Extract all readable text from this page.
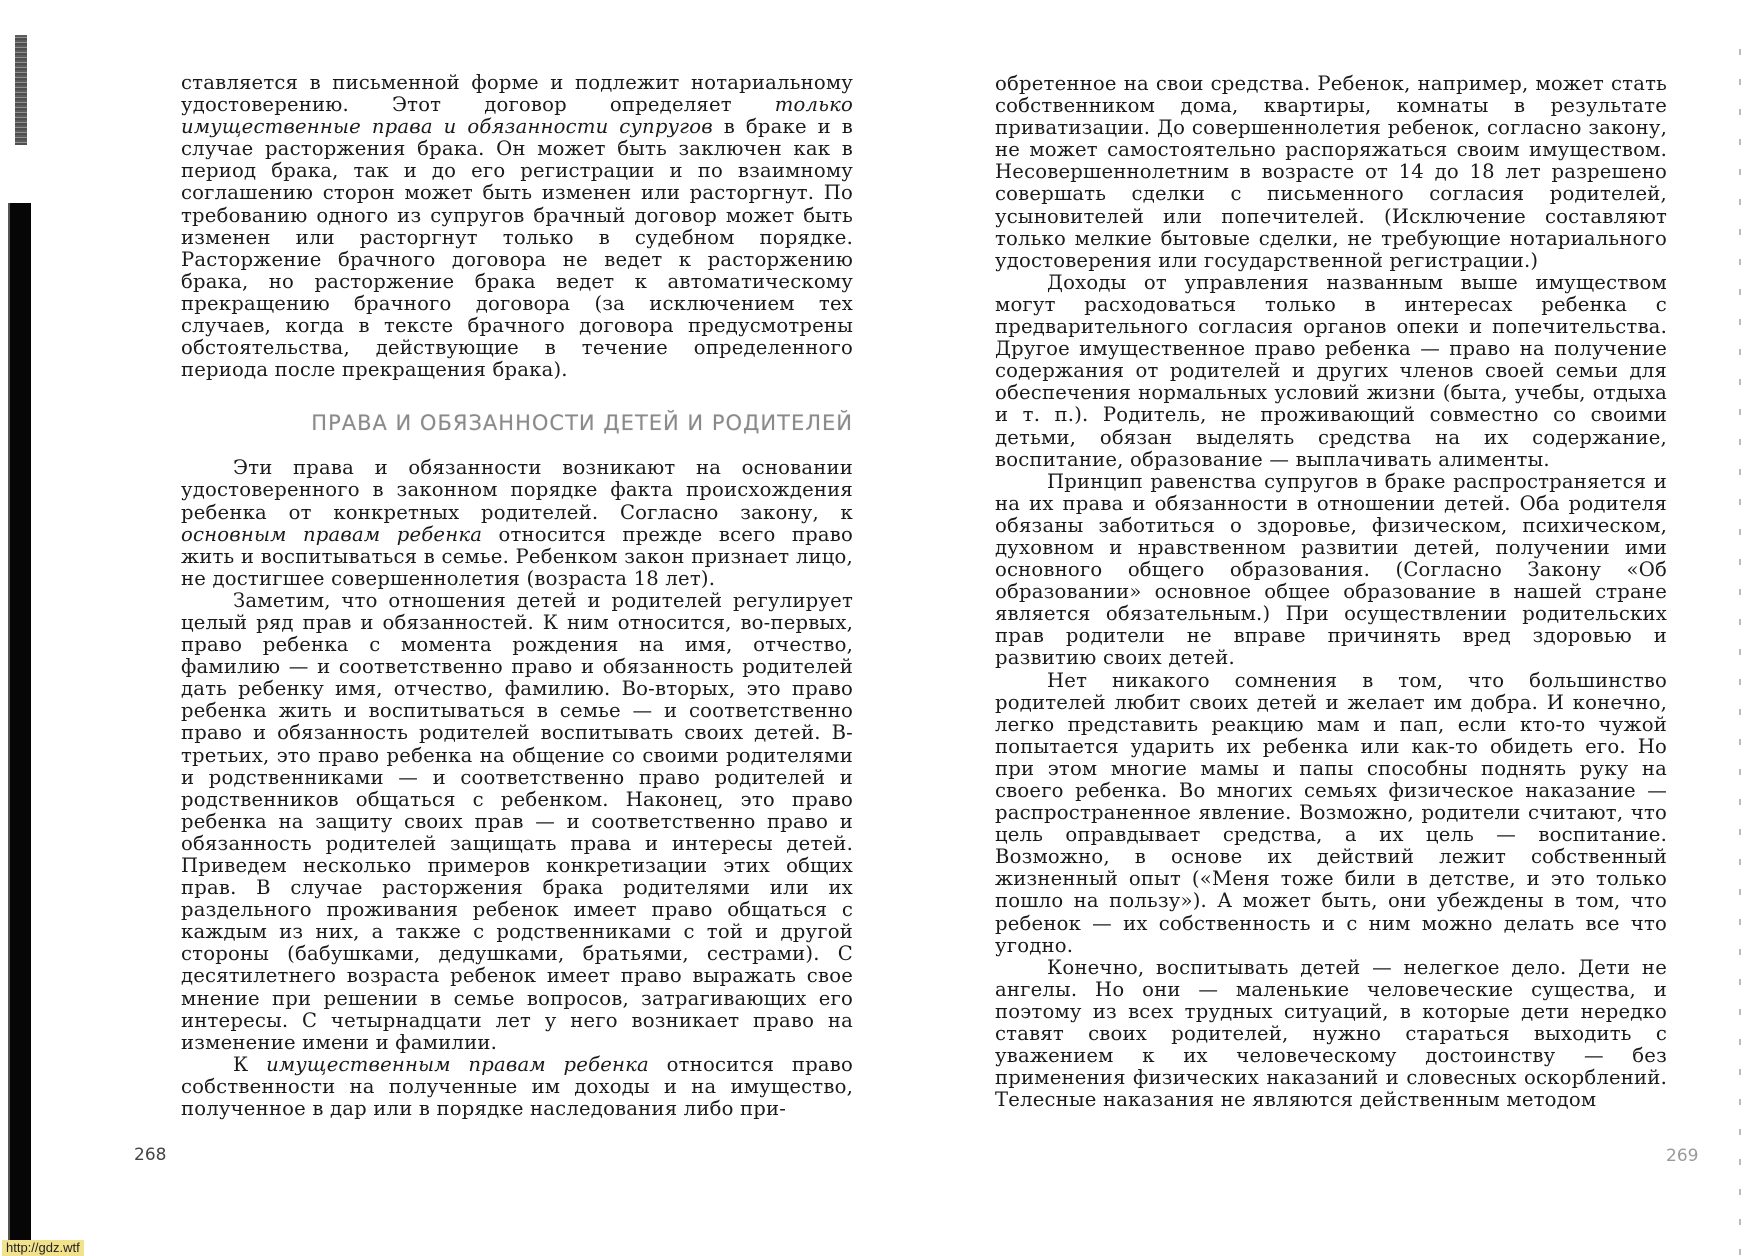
ставляется в письменной форме и подлежит нотариальному удостоверению. Этот договор определяет только имущественные права и обязанности супругов в браке и в случае расторжения брака. Он может быть заключен как в период брака, так и до его регистрации и по взаимному соглашению сторон может быть изменен или расторгнут. По требованию одного из супругов брачный договор может быть изменен или расторгнут только в судебном порядке. Расторжение брачного договора не ведет к расторжению брака, но расторжение брака ведет к автоматическому прекращению брачного договора (за исключением тех случаев, когда в тексте брачного договора предусмотрены обстоятельства, действующие в течение определенного периода после прекращения брака).

ПРАВА И ОБЯЗАННОСТИ ДЕТЕЙ И РОДИТЕЛЕЙ

Эти права и обязанности возникают на основании удостоверенного в законном порядке факта происхождения ребенка от конкретных родителей. Согласно закону, к основным правам ребенка относится прежде всего право жить и воспитываться в семье. Ребенком закон признает лицо, не достигшее совершеннолетия (возраста 18 лет).

Заметим, что отношения детей и родителей регулирует целый ряд прав и обязанностей. К ним относится, во-первых, право ребенка с момента рождения на имя, отчество, фамилию — и соответственно право и обязанность родителей дать ребенку имя, отчество, фамилию. Во-вторых, это право ребенка жить и воспитываться в семье — и соответственно право и обязанность родителей воспитывать своих детей. В-третьих, это право ребенка на общение со своими родителями и родственниками — и соответственно право родителей и родственников общаться с ребенком. Наконец, это право ребенка на защиту своих прав — и соответственно право и обязанность родителей защищать права и интересы детей. Приведем несколько примеров конкретизации этих общих прав. В случае расторжения брака родителями или их раздельного проживания ребенок имеет право общаться с каждым из них, а также с родственниками с той и другой стороны (бабушками, дедушками, братьями, сестрами). С десятилетнего возраста ребенок имеет право выражать свое мнение при решении в семье вопросов, затрагивающих его интересы. С четырнадцати лет у него возникает право на изменение имени и фамилии.

К имущественным правам ребенка относится право собственности на полученные им доходы и на имущество, полученное в дар или в порядке наследования либо при-

268

обретенное на свои средства. Ребенок, например, может стать собственником дома, квартиры, комнаты в результате приватизации. До совершеннолетия ребенок, согласно закону, не может самостоятельно распоряжаться своим имуществом. Несовершеннолетним в возрасте от 14 до 18 лет разрешено совершать сделки с письменного согласия родителей, усыновителей или попечителей. (Исключение составляют только мелкие бытовые сделки, не требующие нотариального удостоверения или государственной регистрации.)

Доходы от управления названным выше имуществом могут расходоваться только в интересах ребенка с предварительного согласия органов опеки и попечительства. Другое имущественное право ребенка — право на получение содержания от родителей и других членов своей семьи для обеспечения нормальных условий жизни (быта, учебы, отдыха и т. п.). Родитель, не проживающий совместно со своими детьми, обязан выделять средства на их содержание, воспитание, образование — выплачивать алименты.

Принцип равенства супругов в браке распространяется и на их права и обязанности в отношении детей. Оба родителя обязаны заботиться о здоровье, физическом, психическом, духовном и нравственном развитии детей, получении ими основного общего образования. (Согласно Закону «Об образовании» основное общее образование в нашей стране является обязательным.) При осуществлении родительских прав родители не вправе причинять вред здоровью и развитию своих детей.

Нет никакого сомнения в том, что большинство родителей любит своих детей и желает им добра. И конечно, легко представить реакцию мам и пап, если кто-то чужой попытается ударить их ребенка или как-то обидеть его. Но при этом многие мамы и папы способны поднять руку на своего ребенка. Во многих семьях физическое наказание — распространенное явление. Возможно, родители считают, что цель оправдывает средства, а их цель — воспитание. Возможно, в основе их действий лежит собственный жизненный опыт («Меня тоже били в детстве, и это только пошло на пользу»). А может быть, они убеждены в том, что ребенок — их собственность и с ним можно делать все что угодно.

Конечно, воспитывать детей — нелегкое дело. Дети не ангелы. Но они — маленькие человеческие существа, и поэтому из всех трудных ситуаций, в которые дети нередко ставят своих родителей, нужно стараться выходить с уважением к их человеческому достоинству — без применения физических наказаний и словесных оскорблений. Телесные наказания не являются действенным методом

269
http://gdz.wtf
